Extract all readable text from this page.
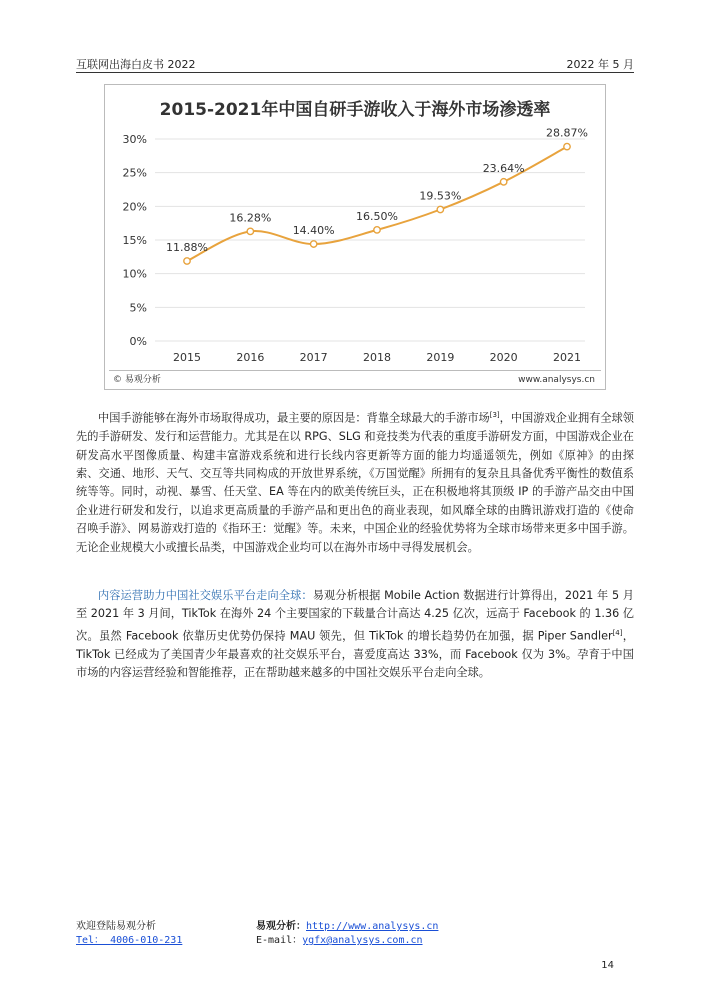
互联网出海白皮书 2022	2022 年 5 月
2015-2021年中国自研手游收入于海外市场渗透率
0%
5%
10%
15%
20%
25%
30%
2015	2016	2017	2018	2019	2020	2021
11.88%
16.28%
14.40%
16.50%
19.53%
23.64%
28.87%
© 易观分析	www.analysys.cn
中国手游能够在海外市场取得成功，最主要的原因是：背靠全球最大的手游市场[3]，中国游戏企业拥有全球领先的手游研发、发行和运营能力。尤其是在以 RPG、SLG 和竞技类为代表的重度手游研发方面，中国游戏企业在研发高水平图像质量、构建丰富游戏系统和进行长线内容更新等方面的能力均遥遥领先，例如《原神》的由探索、交通、地形、天气、交互等共同构成的开放世界系统，《万国觉醒》所拥有的复杂且具备优秀平衡性的数值系统等等。同时，动视、暴雪、任天堂、EA 等在内的欧美传统巨头，正在积极地将其顶级 IP 的手游产品交由中国企业进行研发和发行，以追求更高质量的手游产品和更出色的商业表现，如风靡全球的由腾讯游戏打造的《使命召唤手游》、网易游戏打造的《指环王：觉醒》等。未来，中国企业的经验优势将为全球市场带来更多中国手游。无论企业规模大小或擅长品类，中国游戏企业均可以在海外市场中寻得发展机会。
内容运营助力中国社交娱乐平台走向全球：易观分析根据 Mobile Action 数据进行计算得出，2021 年 5 月至 2021 年 3 月间，TikTok 在海外 24 个主要国家的下载量合计高达 4.25 亿次，远高于 Facebook 的 1.36 亿次。虽然 Facebook 依靠历史优势仍保持 MAU 领先，但 TikTok 的增长趋势仍在加强，据 Piper Sandler[4]，TikTok 已经成为了美国青少年最喜欢的社交娱乐平台，喜爱度高达 33%，而 Facebook 仅为 3%。孕育于中国市场的内容运营经验和智能推荐，正在帮助越来越多的中国社交娱乐平台走向全球。
欢迎登陆易观分析
Tel： 4006-010-231
易观分析：http://www.analysys.cn
E-mail：ygfx@analysys.com.cn
14
